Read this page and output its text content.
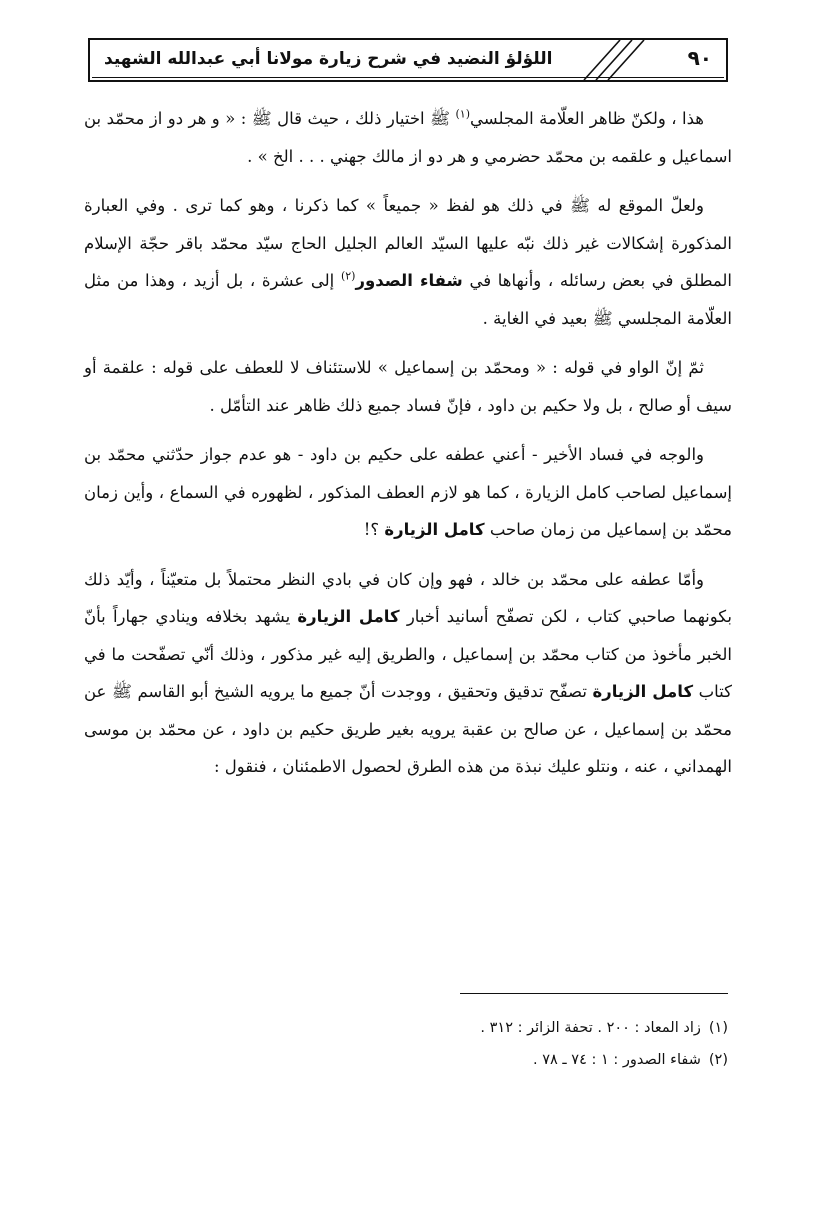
٩٠
اللؤلؤ النضيد في شرح زيارة مولانا أبي عبدالله الشهيد

هذا ، ولكنّ ظاهر العلّامة المجلسي$^{(١)}$ ﷺ اختيار ذلك ، حيث قال ﷺ : « و هر دو از محمّد بن اسماعيل و علقمه بن محمّد حضرمي و هر دو از مالك جهني . . . الخ » .

ولعلّ الموقع له ﷺ في ذلك هو لفظ « جميعاً » كما ذكرنا ، وهو كما ترى . وفي العبارة المذكورة إشكالات غير ذلك نبّه عليها السيّد العالم الجليل الحاج سيّد محمّد باقر حجّة الإسلام المطلق في بعض رسائله ، وأنهاها في شفاء الصدور$^{(٢)}$ إلى عشرة ، بل أزيد ، وهذا من مثل العلّامة المجلسي ﷺ بعيد في الغاية .

ثمّ إنّ الواو في قوله : « ومحمّد بن إسماعيل » للاستئناف لا للعطف على قوله : علقمة أو سيف أو صالح ، بل ولا حكيم بن داود ، فإنّ فساد جميع ذلك ظاهر عند التأمّل .

والوجه في فساد الأخير - أعني عطفه على حكيم بن داود - هو عدم جواز حدّثني محمّد بن إسماعيل لصاحب كامل الزيارة ، كما هو لازم العطف المذكور ، لظهوره في السماع ، وأين زمان محمّد بن إسماعيل من زمان صاحب كامل الزيارة ؟!

وأمّا عطفه على محمّد بن خالد ، فهو وإن كان في بادي النظر محتملاً بل متعيّناً ، وأيّد ذلك بكونهما صاحبي كتاب ، لكن تصفّح أسانيد أخبار كامل الزيارة يشهد بخلافه وينادي جهاراً بأنّ الخبر مأخوذ من كتاب محمّد بن إسماعيل ، والطريق إليه غير مذكور ، وذلك أنّي تصفّحت ما في كتاب كامل الزيارة تصفّح تدقيق وتحقيق ، ووجدت أنّ جميع ما يرويه الشيخ أبو القاسم ﷺ عن محمّد بن إسماعيل ، عن صالح بن عقبة يرويه بغير طريق حكيم بن داود ، عن محمّد بن موسى الهمداني ، عنه ، ونتلو عليك نبذة من هذه الطرق لحصول الاطمئنان ، فنقول :

(١)زاد المعاد : ٢٠٠ . تحفة الزائر : ٣١٢ .

(٢)شفاء الصدور : ١ : ٧٤ ـ ٧٨ .
